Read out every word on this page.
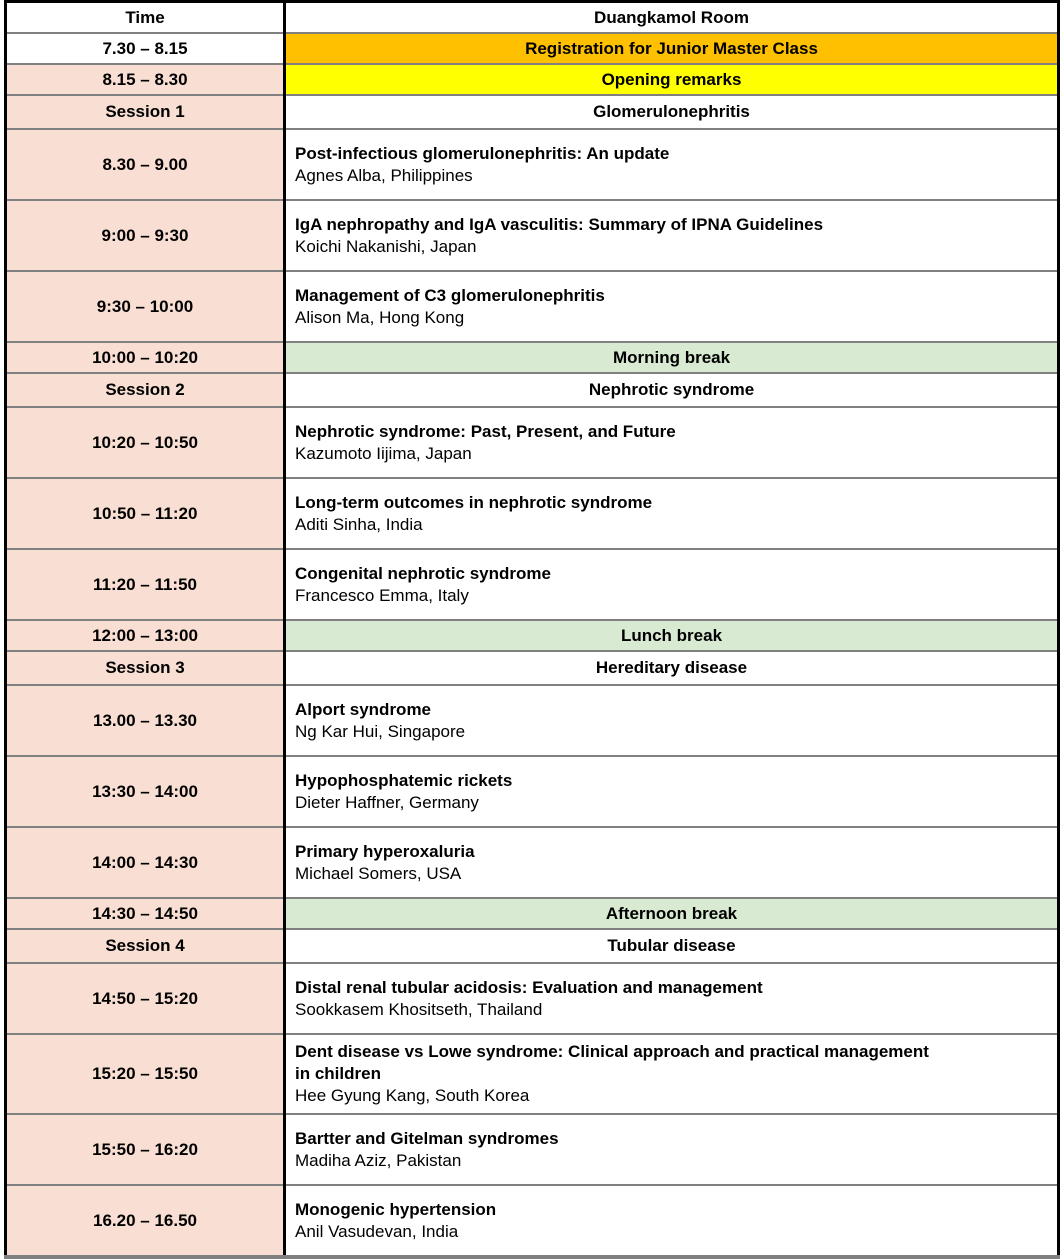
Time	Duangkamol Room
7.30 – 8.15	Registration for Junior Master Class
8.15 – 8.30	Opening remarks
Session 1	Glomerulonephritis
8.30 – 9.00	Post-infectious glomerulonephritis: An update
Agnes Alba, Philippines

9:00 – 9:30	IgA nephropathy and IgA vasculitis: Summary of IPNA Guidelines
Koichi Nakanishi, Japan

9:30 – 10:00	Management of C3 glomerulonephritis
Alison Ma, Hong Kong

10:00 – 10:20	Morning break
Session 2	Nephrotic syndrome
10:20 – 10:50	Nephrotic syndrome: Past, Present, and Future
Kazumoto Iijima, Japan

10:50 – 11:20	Long-term outcomes in nephrotic syndrome
Aditi Sinha, India

11:20 – 11:50	Congenital nephrotic syndrome
Francesco Emma, Italy

12:00 – 13:00	Lunch break
Session 3	Hereditary disease
13.00 – 13.30	Alport syndrome
Ng Kar Hui, Singapore

13:30 – 14:00	Hypophosphatemic rickets
Dieter Haffner, Germany

14:00 – 14:30	Primary hyperoxaluria
Michael Somers, USA

14:30 – 14:50	Afternoon break
Session 4	Tubular disease
14:50 – 15:20	Distal renal tubular acidosis: Evaluation and management
Sookkasem Khositseth, Thailand

15:20 – 15:50	Dent disease vs Lowe syndrome: Clinical approach and practical management in children
Hee Gyung Kang, South Korea

15:50 – 16:20	Bartter and Gitelman syndromes
Madiha Aziz, Pakistan

16.20 – 16.50	Monogenic hypertension
Anil Vasudevan, India
